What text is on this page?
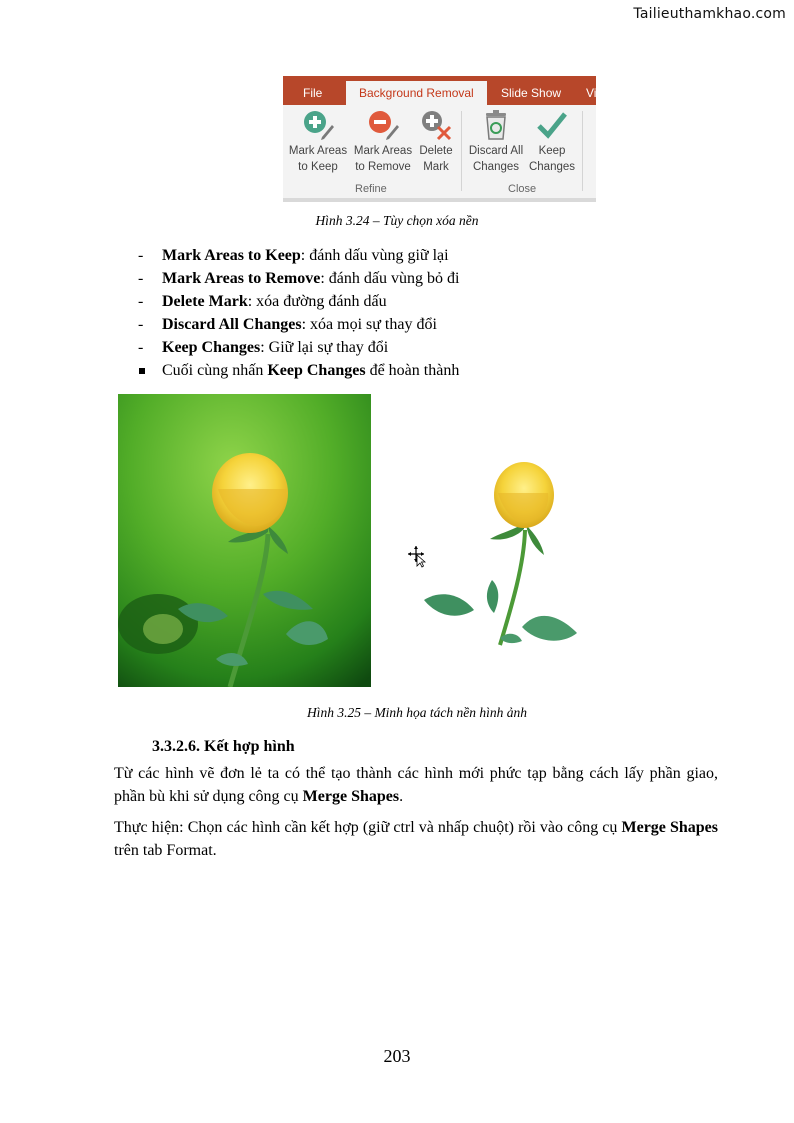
Tailieuthamkhao.com
File	Background Removal	Slide Show Vi
Mark Areas
to Keep
Mark Areas
to Remove
Delete
Mark
Refine
Discard All
Changes
Keep
Changes
Close
Hình 3.24 – Tùy chọn xóa nền
- Mark Areas to Keep: đánh dấu vùng giữ lại
- Mark Areas to Remove: đánh dấu vùng bỏ đi
- Delete Mark: xóa đường đánh dấu
- Discard All Changes: xóa mọi sự thay đổi
- Keep Changes: Giữ lại sự thay đổi
Cuối cùng nhấn Keep Changes để hoàn thành
Hình 3.25 – Minh họa tách nền hình ảnh
3.3.2.6. Kết hợp hình
Từ các hình vẽ đơn lẻ ta có thể tạo thành các hình mới phức tạp bằng cách lấy phần giao, phần bù khi sử dụng công cụ Merge Shapes.
Thực hiện: Chọn các hình cần kết hợp (giữ ctrl và nhấp chuột) rồi vào công cụ Merge Shapes trên tab Format.
203
